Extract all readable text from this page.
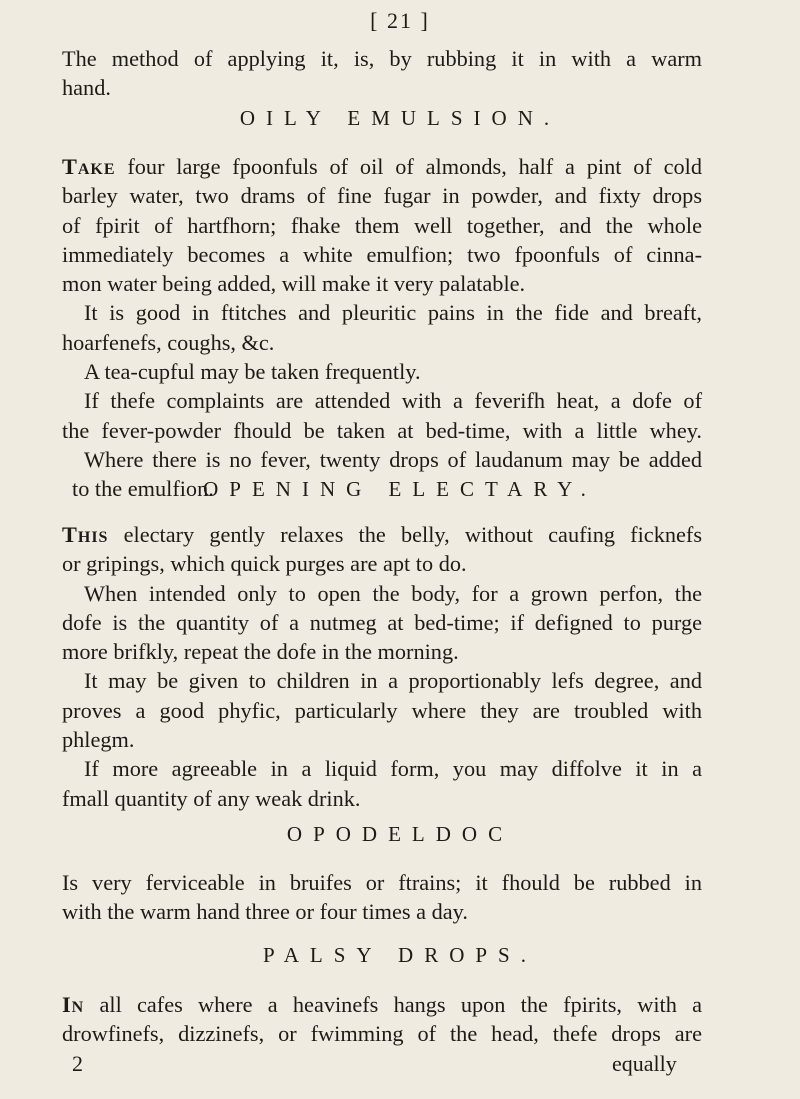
[ 21 ]
The method of applying it, is, by rubbing it in with a warm
hand.
OILY EMULSION.
Take four large fpoonfuls of oil of almonds, half a pint of cold
barley water, two drams of fine fugar in powder, and fixty drops
of fpirit of hartfhorn; fhake them well together, and the whole
immediately becomes a white emulfion; two fpoonfuls of cinna-
mon water being added, will make it very palatable.
It is good in ftitches and pleuritic pains in the fide and breaft,
hoarfenefs, coughs, &c.
A tea-cupful may be taken frequently.
If thefe complaints are attended with a feverifh heat, a dofe of
the fever-powder fhould be taken at bed-time, with a little whey.
Where there is no fever, twenty drops of laudanum may be added
to the emulfion.
OPENING ELECTARY.
This electary gently relaxes the belly, without caufing ficknefs
or gripings, which quick purges are apt to do.
When intended only to open the body, for a grown perfon, the
dofe is the quantity of a nutmeg at bed-time; if defigned to purge
more brifkly, repeat the dofe in the morning.
It may be given to children in a proportionably lefs degree, and
proves a good phyfic, particularly where they are troubled with
phlegm.
If more agreeable in a liquid form, you may diffolve it in a
fmall quantity of any weak drink.
OPODELDOC
Is very ferviceable in bruifes or ftrains; it fhould be rubbed in
with the warm hand three or four times a day.
PALSY DROPS.
In all cafes where a heavinefs hangs upon the fpirits, with a
drowfinefs, dizzinefs, or fwimming of the head, thefe drops are
2	equally
